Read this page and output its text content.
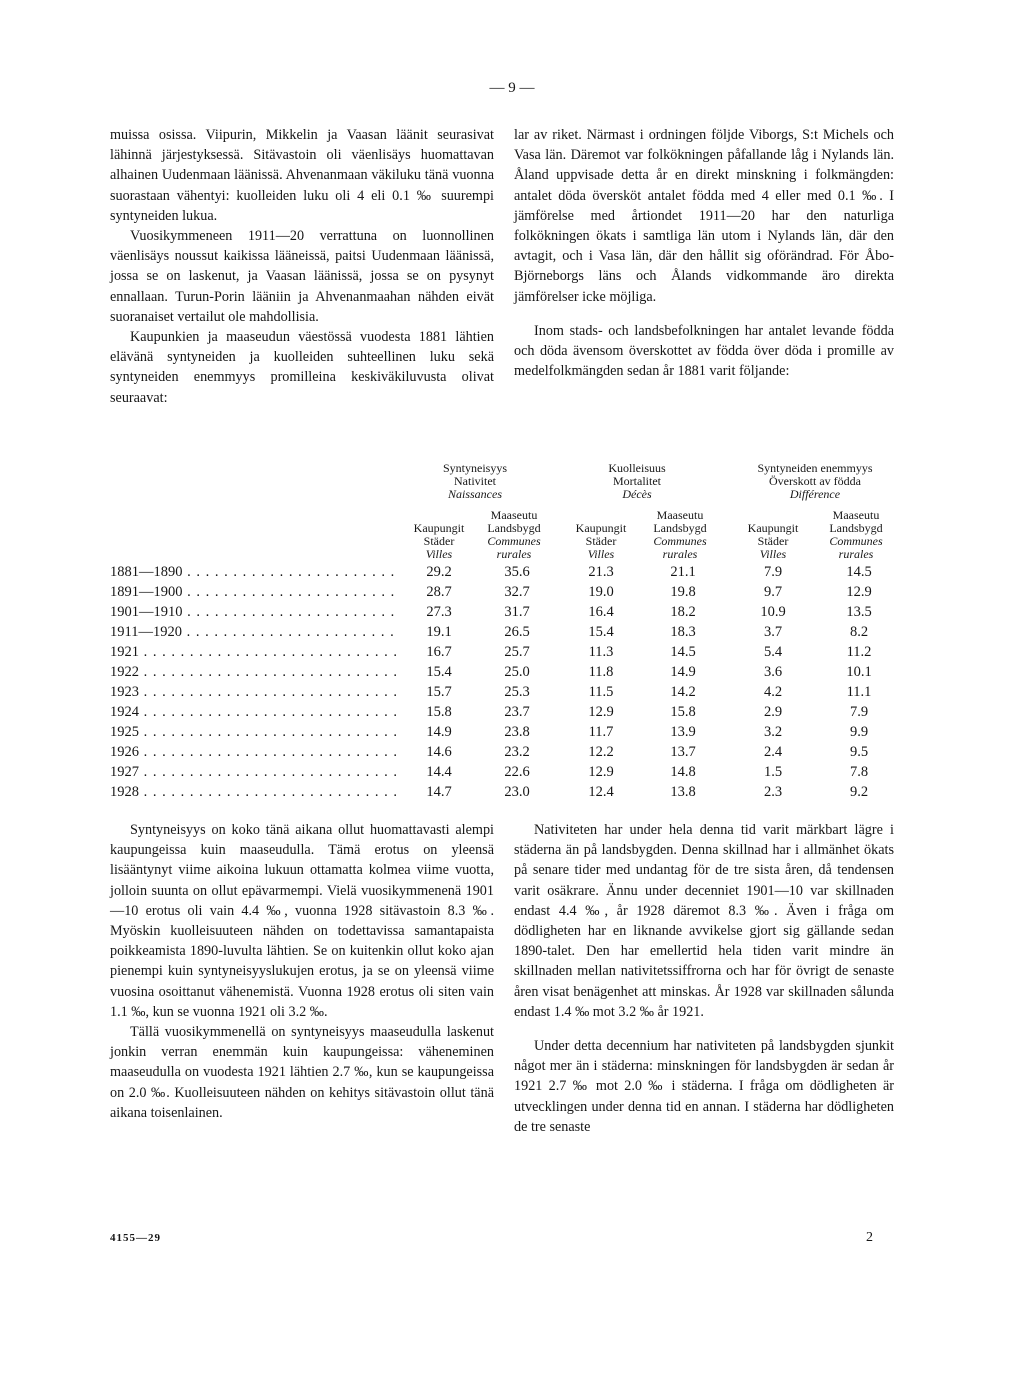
— 9 —

muissa osissa. Viipurin, Mikkelin ja Vaasan läänit seurasivat lähinnä järjestyksessä. Sitävastoin oli väenlisäys huomattavan alhainen Uudenmaan läänissä. Ahvenanmaan väkiluku tänä vuonna suorastaan vähentyi: kuolleiden luku oli 4 eli 0.1 ‰ suurempi syntyneiden lukua.

Vuosikymmeneen 1911—20 verrattuna on luonnollinen väenlisäys noussut kaikissa lääneissä, paitsi Uudenmaan läänissä, jossa se on laskenut, ja Vaasan läänissä, jossa se on pysynyt ennallaan. Turun-Porin lääniin ja Ahvenanmaahan nähden eivät suoranaiset vertailut ole mahdollisia.

Kaupunkien ja maaseudun väestössä vuodesta 1881 lähtien elävänä syntyneiden ja kuolleiden suhteellinen luku sekä syntyneiden enemmyys promilleina keskiväkiluvusta olivat seuraavat:

lar av riket. Närmast i ordningen följde Viborgs, S:t Michels och Vasa län. Däremot var folkökningen påfallande låg i Nylands län. Åland uppvisade detta år en direkt minskning i folkmängden: antalet döda översköt antalet födda med 4 eller med 0.1 ‰. I jämförelse med årtiondet 1911—20 har den naturliga folkökningen ökats i samtliga län utom i Nylands län, där den avtagit, och i Vasa län, där den hållit sig oförändrad. För Åbo-Björneborgs läns och Ålands vidkommande äro direkta jämförelser icke möjliga.

Inom stads- och landsbefolkningen har antalet levande födda och döda ävensom överskottet av födda över döda i promille av medelfolkmängden sedan år 1881 varit följande:

Syntyneisyys
Nativitet
Naissances
Kuolleisuus
Mortalitet
Décès
Syntyneiden enemmyys
Överskott av födda
Différence
Kaupungit
Städer
Villes
Maaseutu
Landsbygd
Communes
rurales
Kaupungit
Städer
Villes
Maaseutu
Landsbygd
Communes
rurales
Kaupungit
Städer
Villes
Maaseutu
Landsbygd
Communes
rurales
1881—1890 . . .	29.2	35.6	21.3	21.1	7.9	14.5
1891—1900 . . .	28.7	32.7	19.0	19.8	9.7	12.9
1901—1910 . . .	27.3	31.7	16.4	18.2	10.9	13.5
1911—1920 . . .	19.1	26.5	15.4	18.3	3.7	8.2
1921 . . .	16.7	25.7	11.3	14.5	5.4	11.2
1922 . . .	15.4	25.0	11.8	14.9	3.6	10.1
1923 . . .	15.7	25.3	11.5	14.2	4.2	11.1
1924 . . .	15.8	23.7	12.9	15.8	2.9	7.9
1925 . . .	14.9	23.8	11.7	13.9	3.2	9.9
1926 . . .	14.6	23.2	12.2	13.7	2.4	9.5
1927 . . .	14.4	22.6	12.9	14.8	1.5	7.8
1928 . . .	14.7	23.0	12.4	13.8	2.3	9.2

Syntyneisyys on koko tänä aikana ollut huomattavasti alempi kaupungeissa kuin maaseudulla. Tämä erotus on yleensä lisääntynyt viime aikoina lukuun ottamatta kolmea viime vuotta, jolloin suunta on ollut epävarmempi. Vielä vuosikymmenenä 1901—10 erotus oli vain 4.4 ‰, vuonna 1928 sitävastoin 8.3 ‰. Myöskin kuolleisuuteen nähden on todettavissa samantapaista poikkeamista 1890-luvulta lähtien. Se on kuitenkin ollut koko ajan pienempi kuin syntyneisyyslukujen erotus, ja se on yleensä viime vuosina osoittanut vähenemistä. Vuonna 1928 erotus oli siten vain 1.1 ‰, kun se vuonna 1921 oli 3.2 ‰.

Tällä vuosikymmenellä on syntyneisyys maaseudulla laskenut jonkin verran enemmän kuin kaupungeissa: väheneminen maaseudulla on vuodesta 1921 lähtien 2.7 ‰, kun se kaupungeissa on 2.0 ‰. Kuolleisuuteen nähden on kehitys sitävastoin ollut tänä aikana toisenlainen.

Nativiteten har under hela denna tid varit märkbart lägre i städerna än på landsbygden. Denna skillnad har i allmänhet ökats på senare tider med undantag för de tre sista åren, då tendensen varit osäkrare. Ännu under decenniet 1901—10 var skillnaden endast 4.4 ‰, år 1928 däremot 8.3 ‰. Även i fråga om dödligheten har en liknande avvikelse gjort sig gällande sedan 1890-talet. Den har emellertid hela tiden varit mindre än skillnaden mellan nativitetssiffrorna och har för övrigt de senaste åren visat benägenhet att minskas. År 1928 var skillnaden sålunda endast 1.4 ‰ mot 3.2 ‰ år 1921.

Under detta decennium har nativiteten på landsbygden sjunkit något mer än i städerna: minskningen för landsbygden är sedan år 1921 2.7 ‰ mot 2.0 ‰ i städerna. I fråga om dödligheten är utvecklingen under denna tid en annan. I städerna har dödligheten de tre senaste

4155—29	2
